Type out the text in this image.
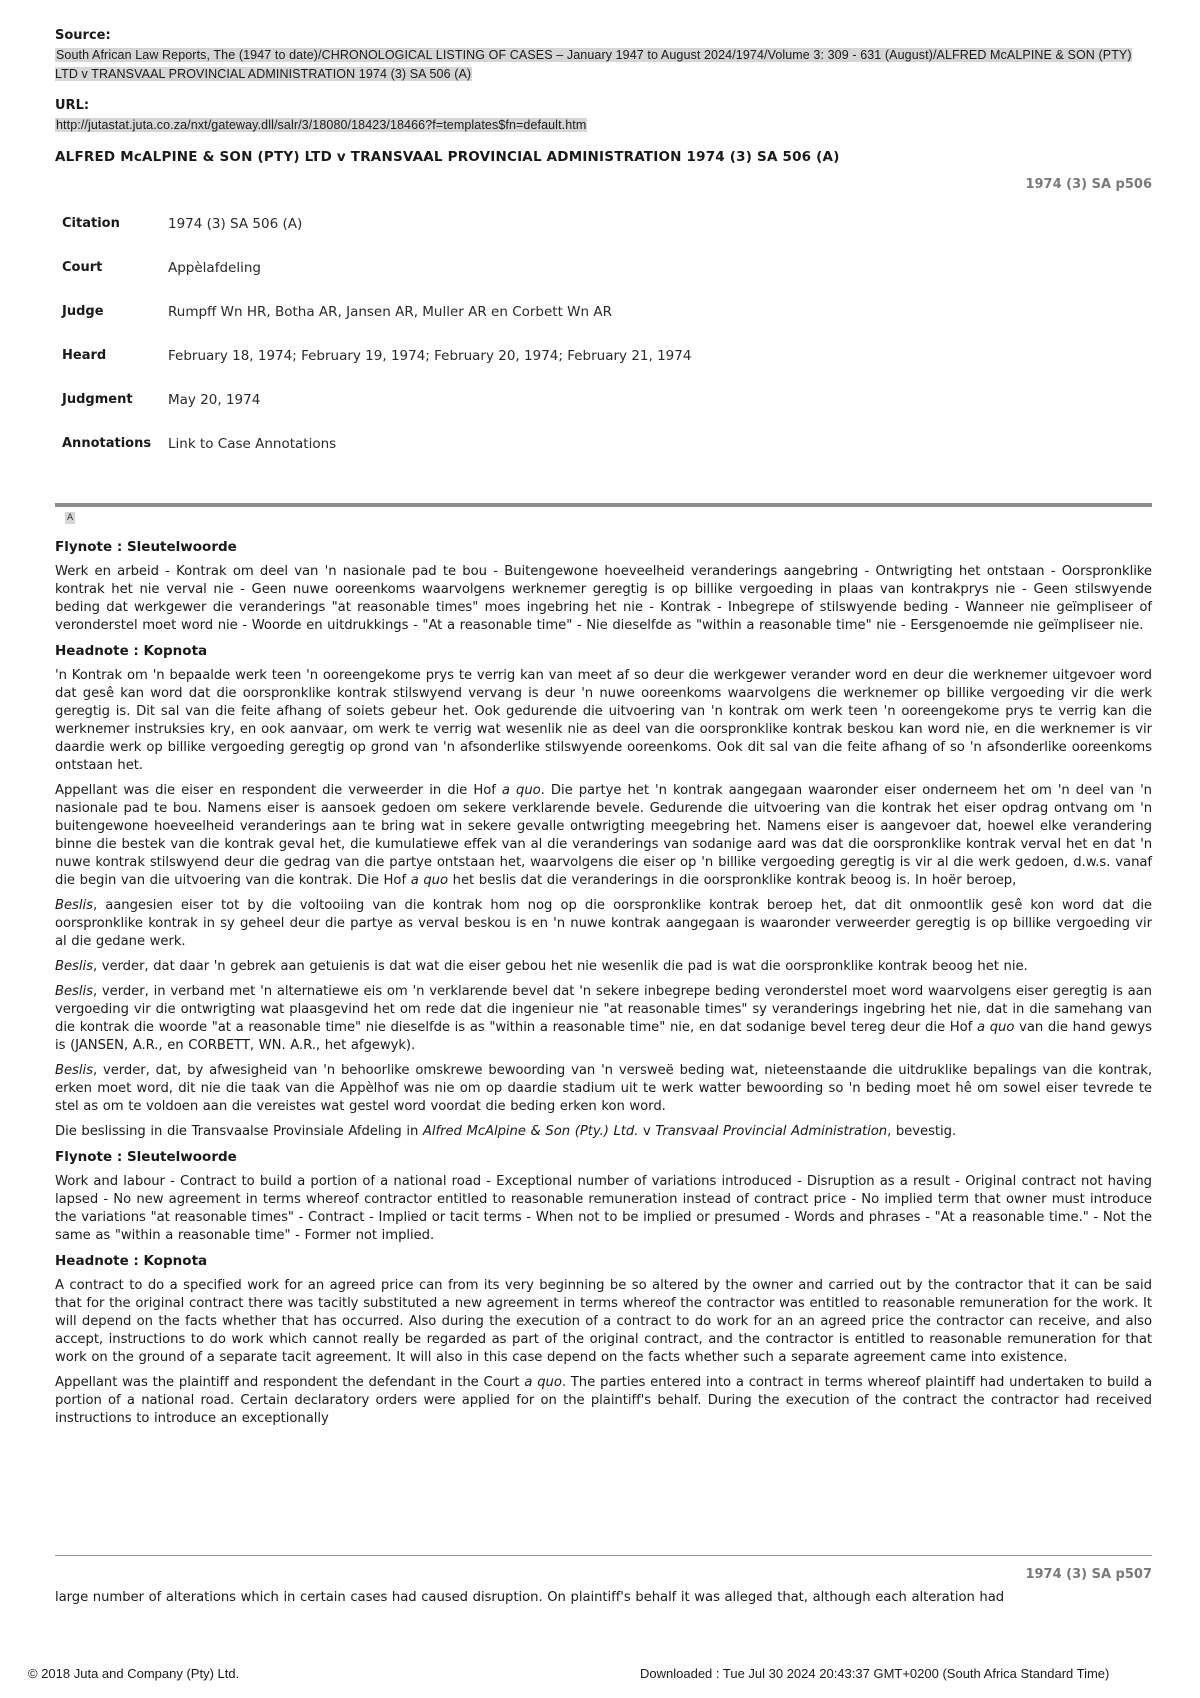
Source:

South African Law Reports, The (1947 to date)/CHRONOLOGICAL LISTING OF CASES – January 1947 to August 2024/1974/Volume 3: 309 - 631 (August)/ALFRED McALPINE & SON (PTY) LTD v TRANSVAAL PROVINCIAL ADMINISTRATION 1974 (3) SA 506 (A)

URL:

http://jutastat.juta.co.za/nxt/gateway.dll/salr/3/18080/18423/18466?f=templates$fn=default.htm

ALFRED McALPINE & SON (PTY) LTD v TRANSVAAL PROVINCIAL ADMINISTRATION 1974 (3) SA 506 (A)

1974 (3) SA p506

Citation	1974 (3) SA 506 (A)
Court	Appèlafdeling
Judge	Rumpff Wn HR, Botha AR, Jansen AR, Muller AR en Corbett Wn AR
Heard	February 18, 1974; February 19, 1974; February 20, 1974; February 21, 1974
Judgment	May 20, 1974
Annotations	Link to Case Annotations
A

Flynote : Sleutelwoorde

Werk en arbeid - Kontrak om deel van 'n nasionale pad te bou - Buitengewone hoeveelheid veranderings aangebring - Ontwrigting het ontstaan - Oorspronklike kontrak het nie verval nie - Geen nuwe ooreenkoms waarvolgens werknemer geregtig is op billike vergoeding in plaas van kontrakprys nie - Geen stilswyende beding dat werkgewer die veranderings "at reasonable times" moes ingebring het nie - Kontrak - Inbegrepe of stilswyende beding - Wanneer nie geïmpliseer of veronderstel moet word nie - Woorde en uitdrukkings - "At a reasonable time" - Nie dieselfde as "within a reasonable time" nie - Eersgenoemde nie geïmpliseer nie.

Headnote : Kopnota

'n Kontrak om 'n bepaalde werk teen 'n ooreengekome prys te verrig kan van meet af so deur die werkgewer verander word en deur die werknemer uitgevoer word dat gesê kan word dat die oorspronklike kontrak stilswyend vervang is deur 'n nuwe ooreenkoms waarvolgens die werknemer op billike vergoeding vir die werk geregtig is. Dit sal van die feite afhang of soiets gebeur het. Ook gedurende die uitvoering van 'n kontrak om werk teen 'n ooreengekome prys te verrig kan die werknemer instruksies kry, en ook aanvaar, om werk te verrig wat wesenlik nie as deel van die oorspronklike kontrak beskou kan word nie, en die werknemer is vir daardie werk op billike vergoeding geregtig op grond van 'n afsonderlike stilswyende ooreenkoms. Ook dit sal van die feite afhang of so 'n afsonderlike ooreenkoms ontstaan het.

Appellant was die eiser en respondent die verweerder in die Hof a quo. Die partye het 'n kontrak aangegaan waaronder eiser onderneem het om 'n deel van 'n nasionale pad te bou. Namens eiser is aansoek gedoen om sekere verklarende bevele. Gedurende die uitvoering van die kontrak het eiser opdrag ontvang om 'n buitengewone hoeveelheid veranderings aan te bring wat in sekere gevalle ontwrigting meegebring het. Namens eiser is aangevoer dat, hoewel elke verandering binne die bestek van die kontrak geval het, die kumulatiewe effek van al die veranderings van sodanige aard was dat die oorspronklike kontrak verval het en dat 'n nuwe kontrak stilswyend deur die gedrag van die partye ontstaan het, waarvolgens die eiser op 'n billike vergoeding geregtig is vir al die werk gedoen, d.w.s. vanaf die begin van die uitvoering van die kontrak. Die Hof a quo het beslis dat die veranderings in die oorspronklike kontrak beoog is. In hoër beroep,

Beslis, aangesien eiser tot by die voltooiing van die kontrak hom nog op die oorspronklike kontrak beroep het, dat dit onmoontlik gesê kon word dat die oorspronklike kontrak in sy geheel deur die partye as verval beskou is en 'n nuwe kontrak aangegaan is waaronder verweerder geregtig is op billike vergoeding vir al die gedane werk.

Beslis, verder, dat daar 'n gebrek aan getuienis is dat wat die eiser gebou het nie wesenlik die pad is wat die oorspronklike kontrak beoog het nie.

Beslis, verder, in verband met 'n alternatiewe eis om 'n verklarende bevel dat 'n sekere inbegrepe beding veronderstel moet word waarvolgens eiser geregtig is aan vergoeding vir die ontwrigting wat plaasgevind het om rede dat die ingenieur nie "at reasonable times" sy veranderings ingebring het nie, dat in die samehang van die kontrak die woorde "at a reasonable time" nie dieselfde is as "within a reasonable time" nie, en dat sodanige bevel tereg deur die Hof a quo van die hand gewys is (JANSEN, A.R., en CORBETT, WN. A.R., het afgewyk).

Beslis, verder, dat, by afwesigheid van 'n behoorlike omskrewe bewoording van 'n versweë beding wat, nieteenstaande die uitdruklike bepalings van die kontrak, erken moet word, dit nie die taak van die Appèlhof was nie om op daardie stadium uit te werk watter bewoording so 'n beding moet hê om sowel eiser tevrede te stel as om te voldoen aan die vereistes wat gestel word voordat die beding erken kon word.

Die beslissing in die Transvaalse Provinsiale Afdeling in Alfred McAlpine & Son (Pty.) Ltd. v Transvaal Provincial Administration, bevestig.

Flynote : Sleutelwoorde

Work and labour - Contract to build a portion of a national road - Exceptional number of variations introduced - Disruption as a result - Original contract not having lapsed - No new agreement in terms whereof contractor entitled to reasonable remuneration instead of contract price - No implied term that owner must introduce the variations "at reasonable times" - Contract - Implied or tacit terms - When not to be implied or presumed - Words and phrases - "At a reasonable time." - Not the same as "within a reasonable time" - Former not implied.

Headnote : Kopnota

A contract to do a specified work for an agreed price can from its very beginning be so altered by the owner and carried out by the contractor that it can be said that for the original contract there was tacitly substituted a new agreement in terms whereof the contractor was entitled to reasonable remuneration for the work. It will depend on the facts whether that has occurred. Also during the execution of a contract to do work for an an agreed price the contractor can receive, and also accept, instructions to do work which cannot really be regarded as part of the original contract, and the contractor is entitled to reasonable remuneration for that work on the ground of a separate tacit agreement. It will also in this case depend on the facts whether such a separate agreement came into existence.

Appellant was the plaintiff and respondent the defendant in the Court a quo. The parties entered into a contract in terms whereof plaintiff had undertaken to build a portion of a national road. Certain declaratory orders were applied for on the plaintiff's behalf. During the execution of the contract the contractor had received instructions to introduce an exceptionally

1974 (3) SA p507

large number of alterations which in certain cases had caused disruption. On plaintiff's behalf it was alleged that, although each alteration had

© 2018 Juta and Company (Pty) Ltd.	Downloaded : Tue Jul 30 2024 20:43:37 GMT+0200 (South Africa Standard Time)
